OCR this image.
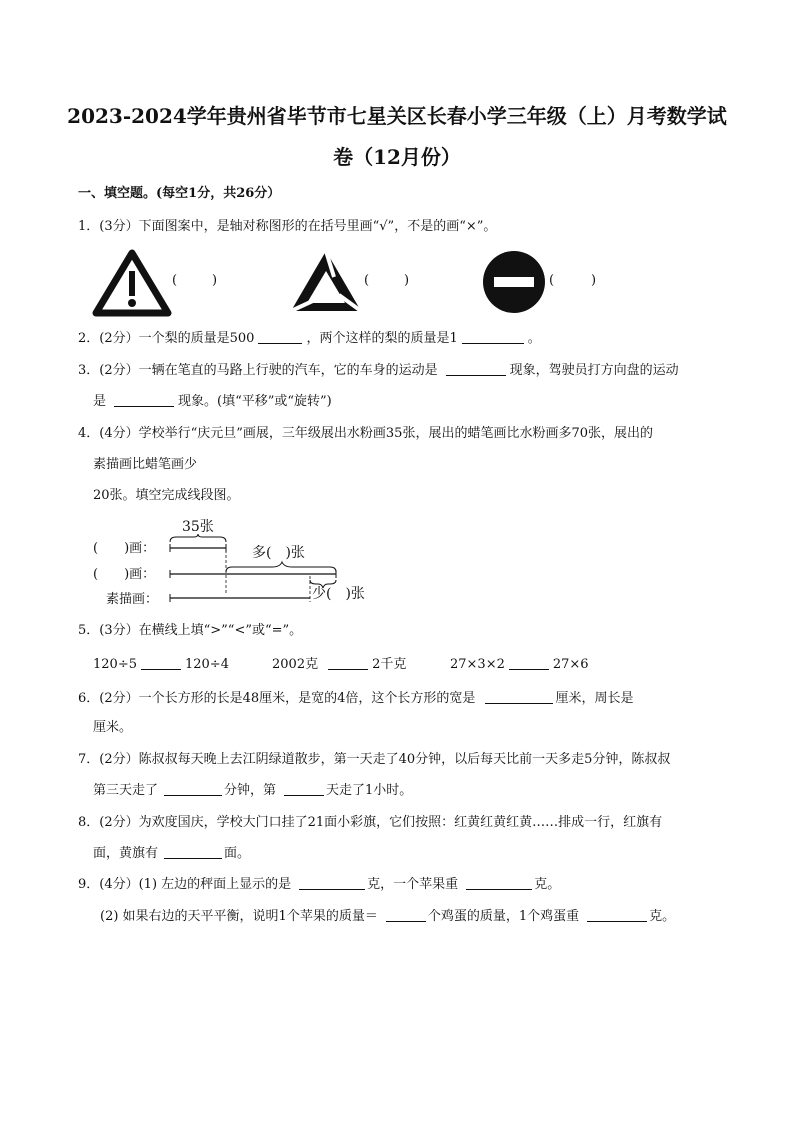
2023-2024学年贵州省毕节市七星关区长春小学三年级（上）月考数学试
卷（12月份）
一、填空题。(每空1分，共26分）
1．(3分）下面图案中，是轴对称图形的在括号里画“√”，不是的画“×”。
(	)	(	)	(	)
2．(2分）一个梨的质量是500	，两个这样的梨的质量是1	。
3．(2分）一辆在笔直的马路上行驶的汽车，它的车身的运动是	现象，驾驶员打方向盘的运动
是	现象。(填“平移”或“旋转”)
4．(4分）学校举行“庆元旦”画展，三年级展出水粉画35张，展出的蜡笔画比水粉画多70张，展出的
素描画比蜡笔画少
20张。填空完成线段图。
35张
(　　)画：
(　　)画：
素描画：
多(　)张
少(　)张
5．(3分）在横线上填“>”“<”或“=”。
120÷5	120÷4	2002克	2千克	27×3×2	27×6
6．(2分）一个长方形的长是48厘米，是宽的4倍，这个长方形的宽是	厘米，周长是
厘米。
7．(2分）陈叔叔每天晚上去江阴绿道散步，第一天走了40分钟，以后每天比前一天多走5分钟，陈叔叔
第三天走了	分钟，第	天走了1小时。
8．(2分）为欢度国庆，学校大门口挂了21面小彩旗，它们按照：红黄红黄红黄……排成一行，红旗有
面，黄旗有	面。
9．(4分）(1) 左边的秤面上显示的是	克，一个苹果重	克。
(2) 如果右边的天平平衡，说明1个苹果的质量＝	个鸡蛋的质量，1个鸡蛋重	克。
